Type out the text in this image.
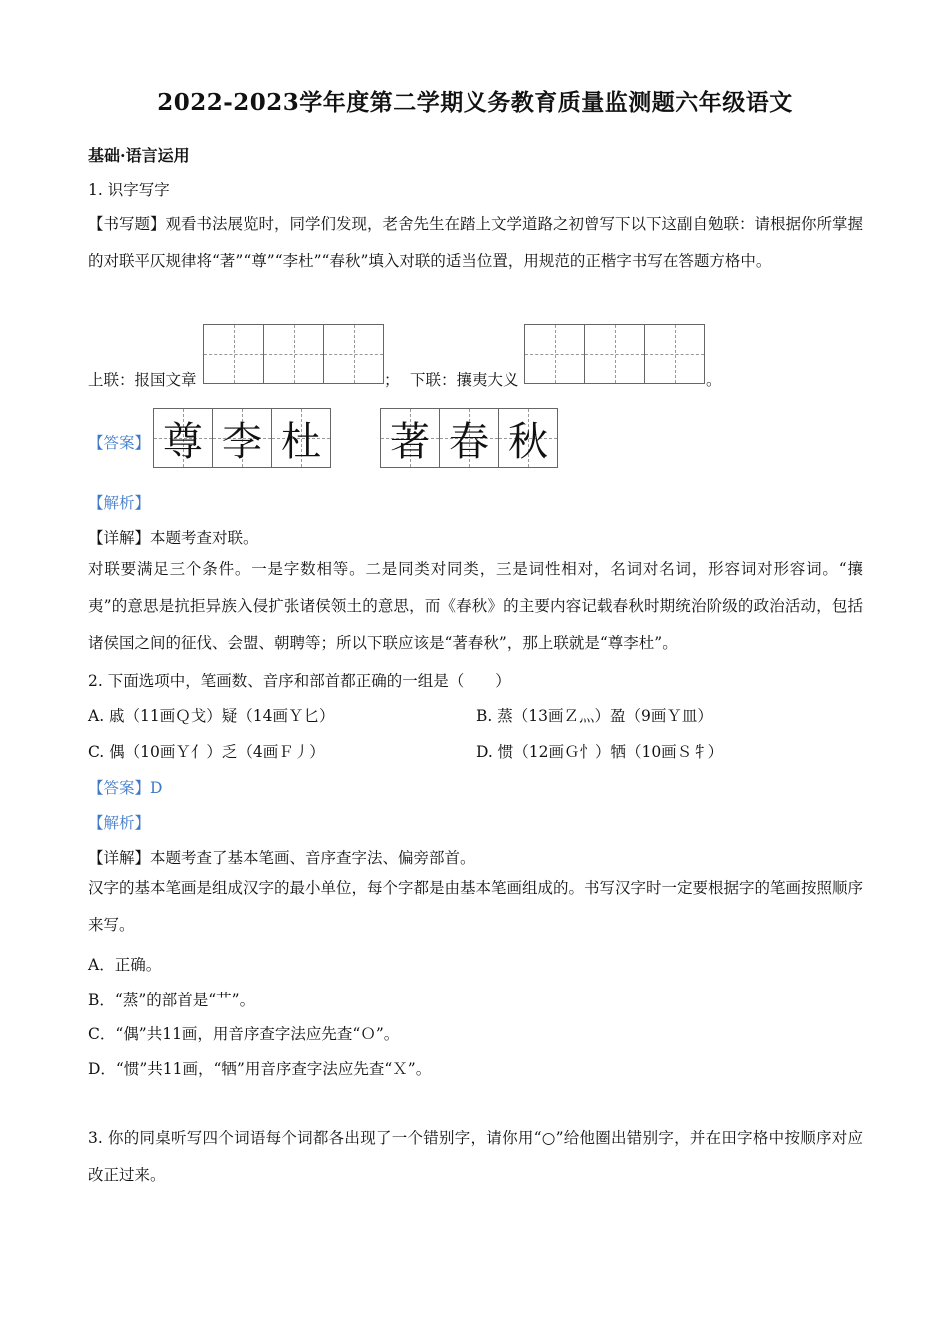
2022-2023学年度第二学期义务教育质量监测题六年级语文
基础·语言运用
1. 识字写字
【书写题】观看书法展览时，同学们发现，老舍先生在踏上文学道路之初曾写下以下这副自勉联：请根据你所掌握的对联平仄规律将“著”“尊”“李杜”“春秋”填入对联的适当位置，用规范的正楷字书写在答题方格中。
上联：报国文章	； 下联：攘夷大义	。
【答案】 尊 李 杜 著 春 秋
【解析】
【详解】本题考查对联。
对联要满足三个条件。一是字数相等。二是同类对同类，三是词性相对，名词对名词，形容词对形容词。“攘夷”的意思是抗拒异族入侵扩张诸侯领土的意思，而《春秋》的主要内容记载春秋时期统治阶级的政治活动，包括诸侯国之间的征伐、会盟、朝聘等；所以下联应该是“著春秋”，那上联就是“尊李杜”。
2. 下面选项中，笔画数、音序和部首都正确的一组是（　　）
A. 戚（11画Ｑ戈）疑（14画Ｙ匕）	B. 蒸（13画Ｚ灬）盈（9画Ｙ皿）
C. 偶（10画Ｙ亻）乏（4画Ｆ丿）	D. 惯（12画Ｇ忄）牺（10画Ｓ牜）
【答案】D
【解析】
【详解】本题考查了基本笔画、音序查字法、偏旁部首。
汉字的基本笔画是组成汉字的最小单位，每个字都是由基本笔画组成的。书写汉字时一定要根据字的笔画按照顺序来写。
A．正确。
B．“蒸”的部首是“艹”。
C．“偶”共11画，用音序查字法应先查“Ｏ”。
D．“惯”共11画，“牺”用音序查字法应先查“Ｘ”。
3. 你的同桌听写四个词语每个词都各出现了一个错别字，请你用“○”给他圈出错别字，并在田字格中按顺序对应改正过来。
